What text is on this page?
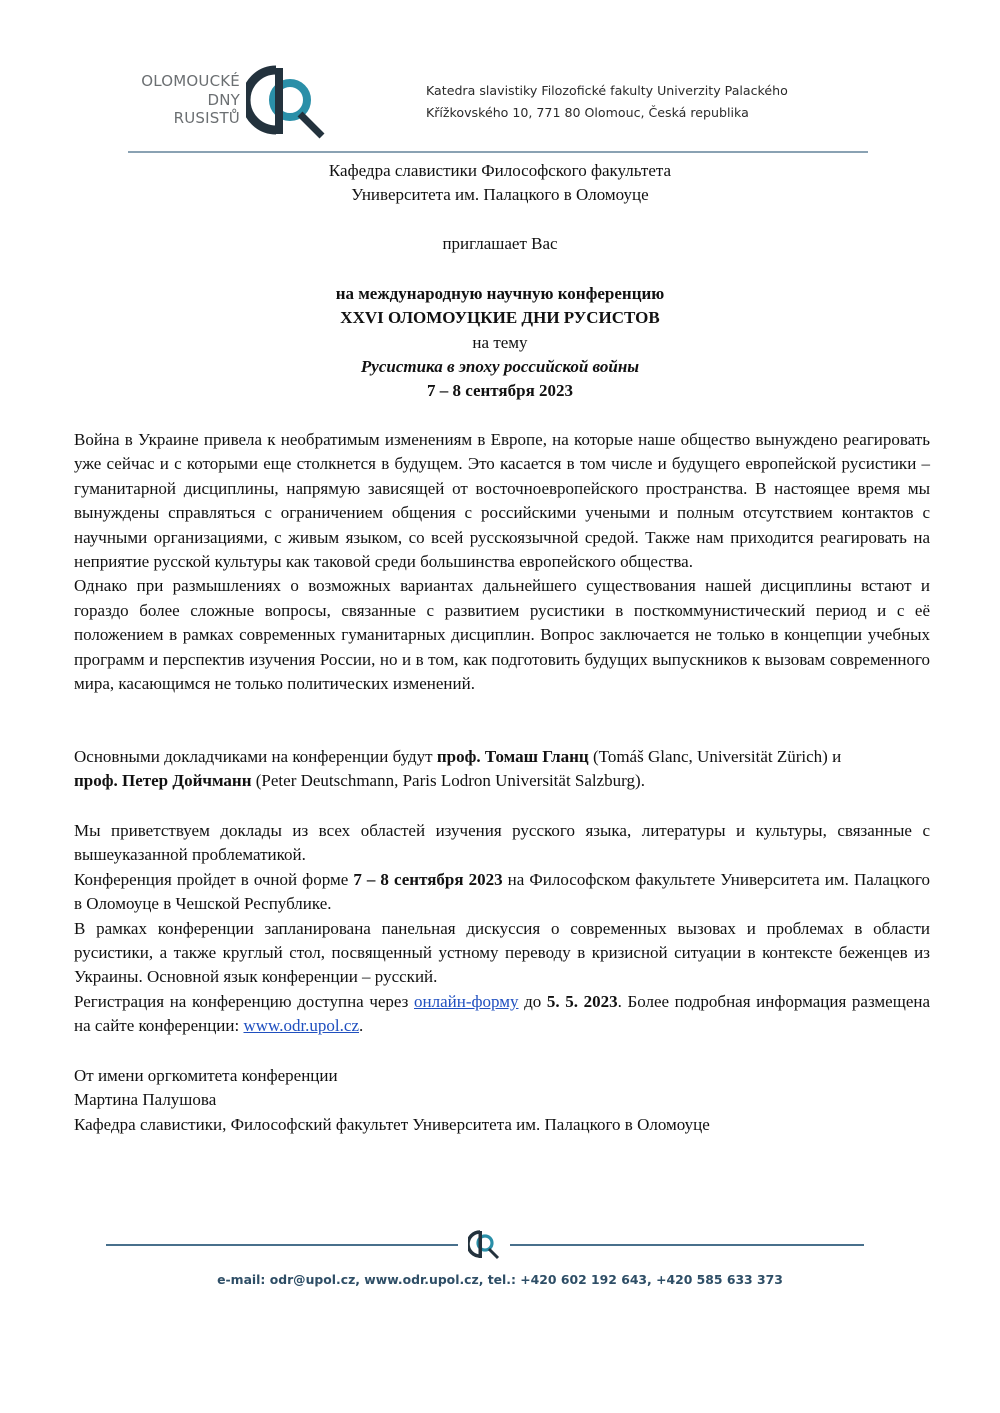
OLOMOUCKÉ
DNY
RUSISTŮ
Katedra slavistiky Filozofické fakulty Univerzity Palackého
Křížkovského 10, 771 80 Olomouc, Česká republika
Кафедра славистики Философского факультета
Университета им. Палацкого в Оломоуце
приглашает Вас
на международную научную конференцию
XXVI ОЛОМОУЦКИЕ ДНИ РУСИСТОВ
на тему
Русистика в эпоху российской войны
7 – 8 сентября 2023

Война в Украине привела к необратимым изменениям в Европе, на которые наше общество вынуждено реагировать уже сейчас и с которыми еще столкнется в будущем. Это касается в том числе и будущего европейской русистики – гуманитарной дисциплины, напрямую зависящей от восточноевропейского пространства. В настоящее время мы вынуждены справляться с ограничением общения с российскими учеными и полным отсутствием контактов с научными организациями, с живым языком, со всей русскоязычной средой. Также нам приходится реагировать на неприятие русской культуры как таковой среди большинства европейского общества.

Однако при размышлениях о возможных вариантах дальнейшего существования нашей дисциплины встают и гораздо более сложные вопросы, связанные с развитием русистики в посткоммунистический период и с её положением в рамках современных гуманитарных дисциплин. Вопрос заключается не только в концепции учебных программ и перспектив изучения России, но и в том, как подготовить будущих выпускников к вызовам современного мира, касающимся не только политических изменений.

Основными докладчиками на конференции будут проф. Томаш Гланц (Tomáš Glanc, Universität Zürich) и
проф. Петер Дойчманн (Peter Deutschmann, Paris Lodron Universität Salzburg).

Мы приветствуем доклады из всех областей изучения русского языка, литературы и культуры, связанные с вышеуказанной проблематикой.

Конференция пройдет в очной форме 7 – 8 сентября 2023 на Философском факультете Университета им. Палацкого в Оломоуце в Чешской Республике.

В рамках конференции запланирована панельная дискуссия о современных вызовах и проблемах в области русистики, а также круглый стол, посвященный устному переводу в кризисной ситуации в контексте беженцев из Украины. Основной язык конференции – русский.

Регистрация на конференцию доступна через онлайн-форму до 5. 5. 2023. Более подробная информация размещена на сайте конференции: www.odr.upol.cz.

От имени оргкомитета конференции

Мартина Палушова

Кафедра славистики, Философский факультет Университета им. Палацкого в Оломоуце

e-mail: odr@upol.cz, www.odr.upol.cz, tel.: +420 602 192 643, +420 585 633 373
